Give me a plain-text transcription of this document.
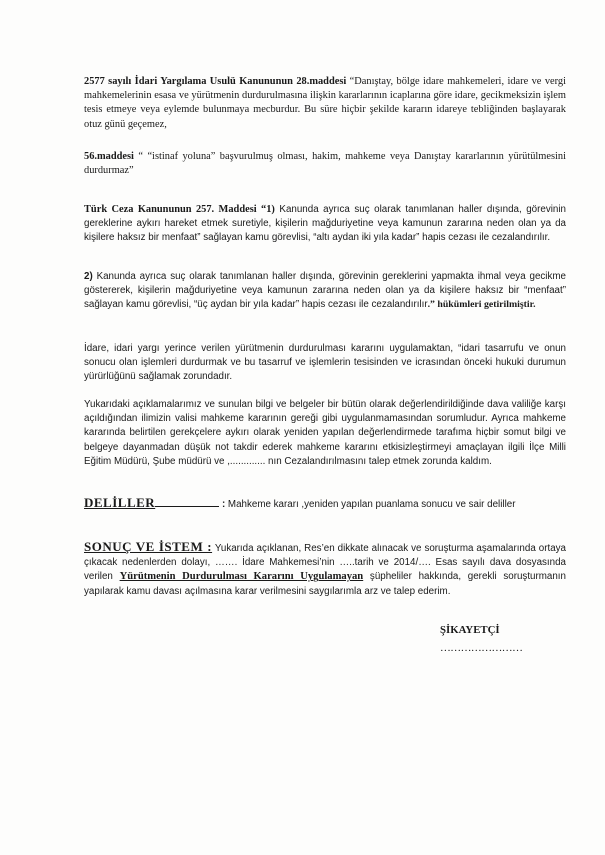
2577 sayılı İdari Yargılama Usulü Kanununun 28.maddesi “Danıştay, bölge idare mahkemeleri, idare ve vergi mahkemelerinin esasa ve yürütmenin durdurulmasına ilişkin kararlarının icaplarına göre idare, gecikmeksizin işlem tesis etmeye veya eylemde bulunmaya mecburdur. Bu süre hiçbir şekilde kararın idareye tebliğinden başlayarak otuz günü geçemez,

56.maddesi “ “istinaf yoluna” başvurulmuş olması, hakim, mahkeme veya Danıştay kararlarının yürütülmesini durdurmaz”

Türk Ceza Kanununun 257. Maddesi “1) Kanunda ayrıca suç olarak tanımlanan haller dışında, görevinin gereklerine aykırı hareket etmek suretiyle, kişilerin mağduriyetine veya kamunun zararına neden olan ya da kişilere haksız bir menfaat” sağlayan kamu görevlisi, “altı aydan iki yıla kadar” hapis cezası ile cezalandırılır.

2) Kanunda ayrıca suç olarak tanımlanan haller dışında, görevinin gereklerini yapmakta ihmal veya gecikme göstererek, kişilerin mağduriyetine veya kamunun zararına neden olan ya da kişilere haksız bir “menfaat” sağlayan kamu görevlisi, “üç aydan bir yıla kadar” hapis cezası ile cezalandırılır.” hükümleri getirilmiştir.

İdare, idari yargı yerince verilen yürütmenin durdurulması kararını uygulamaktan, “idari tasarrufu ve onun sonucu olan işlemleri durdurmak ve bu tasarruf ve işlemlerin tesisinden ve icrasından önceki hukuki durumun yürürlüğünü sağlamak zorundadır.

Yukarıdaki açıklamalarımız ve sunulan bilgi ve belgeler bir bütün olarak değerlendirildiğinde dava valiliğe karşı açıldığından ilimizin valisi mahkeme kararının gereği gibi uygulanmamasından sorumludur. Ayrıca mahkeme kararında belirtilen gerekçelere aykırı olarak yeniden yapılan değerlendirmede tarafıma hiçbir somut bilgi ve belgeye dayanmadan düşük not takdir ederek mahkeme kararını etkisizleştirmeyi amaçlayan ilgili İlçe Milli Eğitim Müdürü, Şube müdürü ve ,............. nın Cezalandırılmasını talep etmek zorunda kaldım.

DELİLLER	: Mahkeme kararı ,yeniden yapılan puanlama sonucu ve sair deliller

SONUÇ VE İSTEM : Yukarıda açıklanan, Res’en dikkate alınacak ve soruşturma aşamalarında ortaya çıkacak nedenlerden dolayı, ……. İdare Mahkemesi’nin …..tarih ve 2014/…. Esas sayılı dava dosyasında verilen Yürütmenin Durdurulması Kararını Uygulamayan şüpheliler hakkında, gerekli soruşturmanın yapılarak kamu davası açılmasına karar verilmesini saygılarımla arz ve talep ederim.

ŞİKAYETÇİ
……………………
